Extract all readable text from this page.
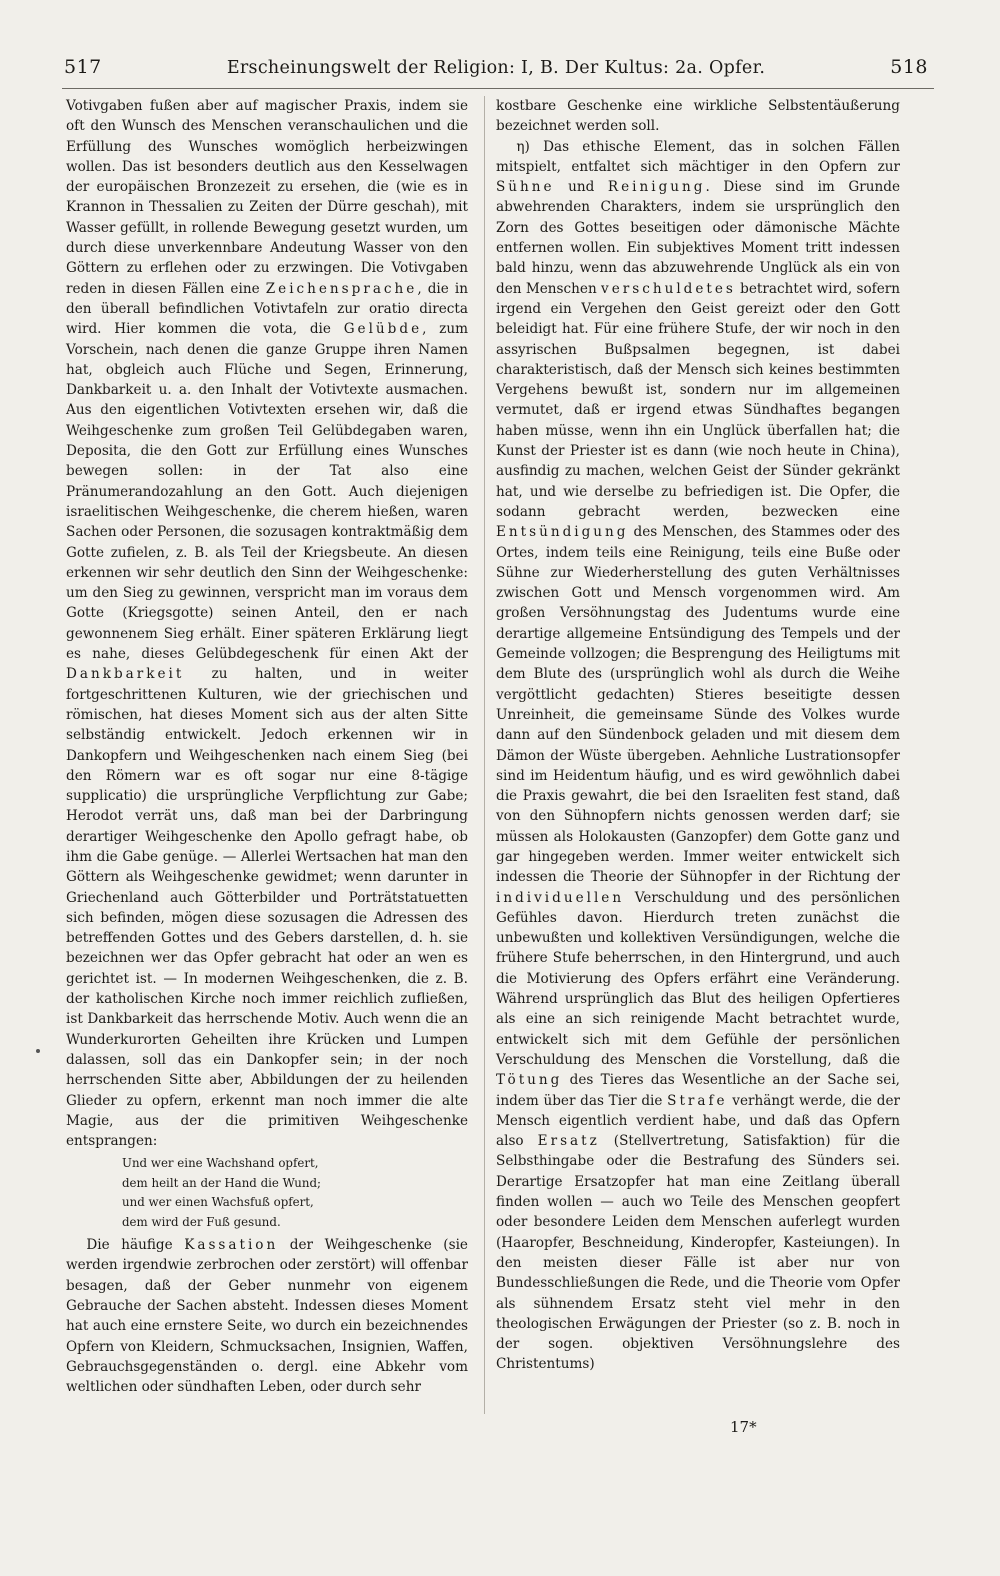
517	Erscheinungswelt der Religion: I, B. Der Kultus: 2a. Opfer.	518

Votivgaben fußen aber auf magischer Praxis, indem sie oft den Wunsch des Menschen veranschaulichen und die Erfüllung des Wunsches womöglich herbeizwingen wollen. Das ist besonders deutlich aus den Kesselwagen der europäischen Bronzezeit zu ersehen, die (wie es in Krannon in Thessalien zu Zeiten der Dürre geschah), mit Wasser gefüllt, in rollende Bewegung gesetzt wurden, um durch diese unverkennbare Andeutung Wasser von den Göttern zu erflehen oder zu erzwingen. Die Votivgaben reden in diesen Fällen eine Zeichensprache, die in den überall befindlichen Votivtafeln zur oratio directa wird. Hier kommen die vota, die Gelübde, zum Vorschein, nach denen die ganze Gruppe ihren Namen hat, obgleich auch Flüche und Segen, Erinnerung, Dankbarkeit u. a. den Inhalt der Votivtexte ausmachen. Aus den eigentlichen Votivtexten ersehen wir, daß die Weihgeschenke zum großen Teil Gelübdegaben waren, Deposita, die den Gott zur Erfüllung eines Wunsches bewegen sollen: in der Tat also eine Pränumerandozahlung an den Gott. Auch diejenigen israelitischen Weihgeschenke, die cherem hießen, waren Sachen oder Personen, die sozusagen kontraktmäßig dem Gotte zufielen, z. B. als Teil der Kriegsbeute. An diesen erkennen wir sehr deutlich den Sinn der Weihgeschenke: um den Sieg zu gewinnen, verspricht man im voraus dem Gotte (Kriegsgotte) seinen Anteil, den er nach gewonnenem Sieg erhält. Einer späteren Erklärung liegt es nahe, dieses Gelübdegeschenk für einen Akt der Dankbarkeit zu halten, und in weiter fortgeschrittenen Kulturen, wie der griechischen und römischen, hat dieses Moment sich aus der alten Sitte selbständig entwickelt. Jedoch erkennen wir in Dankopfern und Weihgeschenken nach einem Sieg (bei den Römern war es oft sogar nur eine 8-tägige supplicatio) die ursprüngliche Verpflichtung zur Gabe; Herodot verrät uns, daß man bei der Darbringung derartiger Weihgeschenke den Apollo gefragt habe, ob ihm die Gabe genüge. — Allerlei Wertsachen hat man den Göttern als Weihgeschenke gewidmet; wenn darunter in Griechenland auch Götterbilder und Porträtstatuetten sich befinden, mögen diese sozusagen die Adressen des betreffenden Gottes und des Gebers darstellen, d. h. sie bezeichnen wer das Opfer gebracht hat oder an wen es gerichtet ist. — In modernen Weihgeschenken, die z. B. der katholischen Kirche noch immer reichlich zufließen, ist Dankbarkeit das herrschende Motiv. Auch wenn die an Wunderkurorten Geheilten ihre Krücken und Lumpen dalassen, soll das ein Dankopfer sein; in der noch herrschenden Sitte aber, Abbildungen der zu heilenden Glieder zu opfern, erkennt man noch immer die alte Magie, aus der die primitiven Weihgeschenke entsprangen:

Und wer eine Wachshand opfert,
dem heilt an der Hand die Wund;
und wer einen Wachsfuß opfert,
dem wird der Fuß gesund.

Die häufige Kassation der Weihgeschenke (sie werden irgendwie zerbrochen oder zerstört) will offenbar besagen, daß der Geber nunmehr von eigenem Gebrauche der Sachen absteht. Indessen dieses Moment hat auch eine ernstere Seite, wo durch ein bezeichnendes Opfern von Kleidern, Schmucksachen, Insignien, Waffen, Gebrauchsgegenständen o. dergl. eine Abkehr vom weltlichen oder sündhaften Leben, oder durch sehr

kostbare Geschenke eine wirkliche Selbstentäußerung bezeichnet werden soll.

η) Das ethische Element, das in solchen Fällen mitspielt, entfaltet sich mächtiger in den Opfern zur Sühne und Reinigung. Diese sind im Grunde abwehrenden Charakters, indem sie ursprünglich den Zorn des Gottes beseitigen oder dämonische Mächte entfernen wollen. Ein subjektives Moment tritt indessen bald hinzu, wenn das abzuwehrende Unglück als ein von den Menschen verschuldetes betrachtet wird, sofern irgend ein Vergehen den Geist gereizt oder den Gott beleidigt hat. Für eine frühere Stufe, der wir noch in den assyrischen Bußpsalmen begegnen, ist dabei charakteristisch, daß der Mensch sich keines bestimmten Vergehens bewußt ist, sondern nur im allgemeinen vermutet, daß er irgend etwas Sündhaftes begangen haben müsse, wenn ihn ein Unglück überfallen hat; die Kunst der Priester ist es dann (wie noch heute in China), ausfindig zu machen, welchen Geist der Sünder gekränkt hat, und wie derselbe zu befriedigen ist. Die Opfer, die sodann gebracht werden, bezwecken eine Entsündigung des Menschen, des Stammes oder des Ortes, indem teils eine Reinigung, teils eine Buße oder Sühne zur Wiederherstellung des guten Verhältnisses zwischen Gott und Mensch vorgenommen wird. Am großen Versöhnungstag des Judentums wurde eine derartige allgemeine Entsündigung des Tempels und der Gemeinde vollzogen; die Besprengung des Heiligtums mit dem Blute des (ursprünglich wohl als durch die Weihe vergöttlicht gedachten) Stieres beseitigte dessen Unreinheit, die gemeinsame Sünde des Volkes wurde dann auf den Sündenbock geladen und mit diesem dem Dämon der Wüste übergeben. Aehnliche Lustrationsopfer sind im Heidentum häufig, und es wird gewöhnlich dabei die Praxis gewahrt, die bei den Israeliten fest stand, daß von den Sühnopfern nichts genossen werden darf; sie müssen als Holokausten (Ganzopfer) dem Gotte ganz und gar hingegeben werden. Immer weiter entwickelt sich indessen die Theorie der Sühnopfer in der Richtung der individuellen Verschuldung und des persönlichen Gefühles davon. Hierdurch treten zunächst die unbewußten und kollektiven Versündigungen, welche die frühere Stufe beherrschen, in den Hintergrund, und auch die Motivierung des Opfers erfährt eine Veränderung. Während ursprünglich das Blut des heiligen Opfertieres als eine an sich reinigende Macht betrachtet wurde, entwickelt sich mit dem Gefühle der persönlichen Verschuldung des Menschen die Vorstellung, daß die Tötung des Tieres das Wesentliche an der Sache sei, indem über das Tier die Strafe verhängt werde, die der Mensch eigentlich verdient habe, und daß das Opfern also Ersatz (Stellvertretung, Satisfaktion) für die Selbsthingabe oder die Bestrafung des Sünders sei. Derartige Ersatzopfer hat man eine Zeitlang überall finden wollen — auch wo Teile des Menschen geopfert oder besondere Leiden dem Menschen auferlegt wurden (Haaropfer, Beschneidung, Kinderopfer, Kasteiungen). In den meisten dieser Fälle ist aber nur von Bundesschließungen die Rede, und die Theorie vom Opfer als sühnendem Ersatz steht viel mehr in den theologischen Erwägungen der Priester (so z. B. noch in der sogen. objektiven Versöhnungslehre des Christentums)

17*
